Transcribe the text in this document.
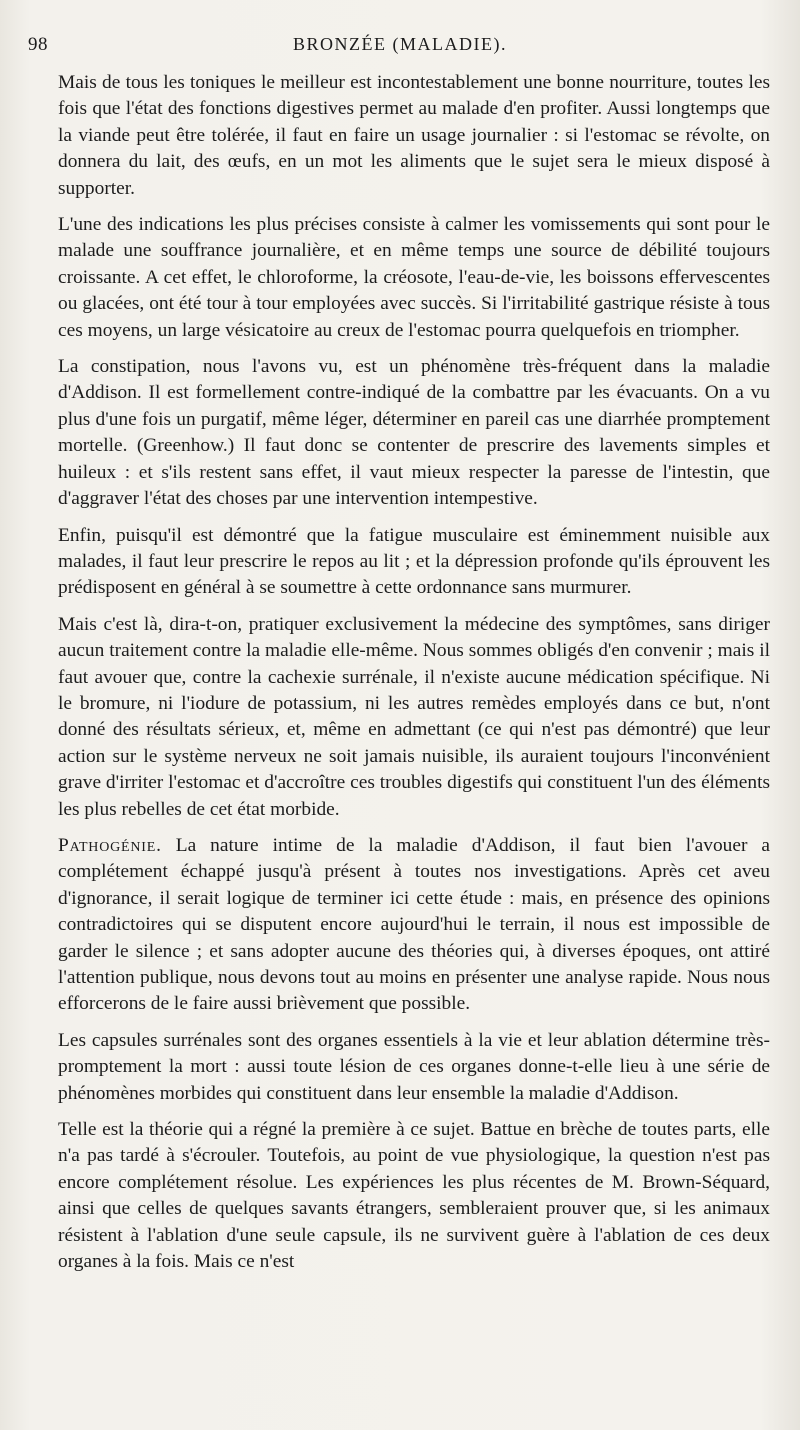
98	BRONZÉE (MALADIE).

Mais de tous les toniques le meilleur est incontestablement une bonne nourriture, toutes les fois que l'état des fonctions digestives permet au malade d'en profiter. Aussi longtemps que la viande peut être tolérée, il faut en faire un usage journalier : si l'estomac se révolte, on donnera du lait, des œufs, en un mot les aliments que le sujet sera le mieux disposé à supporter.

L'une des indications les plus précises consiste à calmer les vomissements qui sont pour le malade une souffrance journalière, et en même temps une source de débilité toujours croissante. A cet effet, le chloroforme, la créosote, l'eau-de-vie, les boissons effervescentes ou glacées, ont été tour à tour employées avec succès. Si l'irritabilité gastrique résiste à tous ces moyens, un large vésicatoire au creux de l'estomac pourra quelquefois en triompher.

La constipation, nous l'avons vu, est un phénomène très-fréquent dans la maladie d'Addison. Il est formellement contre-indiqué de la combattre par les évacuants. On a vu plus d'une fois un purgatif, même léger, déterminer en pareil cas une diarrhée promptement mortelle. (Greenhow.) Il faut donc se contenter de prescrire des lavements simples et huileux : et s'ils restent sans effet, il vaut mieux respecter la paresse de l'intestin, que d'aggraver l'état des choses par une intervention intempestive.

Enfin, puisqu'il est démontré que la fatigue musculaire est éminemment nuisible aux malades, il faut leur prescrire le repos au lit ; et la dépression profonde qu'ils éprouvent les prédisposent en général à se soumettre à cette ordonnance sans murmurer.

Mais c'est là, dira-t-on, pratiquer exclusivement la médecine des symptômes, sans diriger aucun traitement contre la maladie elle-même. Nous sommes obligés d'en convenir ; mais il faut avouer que, contre la cachexie surrénale, il n'existe aucune médication spécifique. Ni le bromure, ni l'iodure de potassium, ni les autres remèdes employés dans ce but, n'ont donné des résultats sérieux, et, même en admettant (ce qui n'est pas démontré) que leur action sur le système nerveux ne soit jamais nuisible, ils auraient toujours l'inconvénient grave d'irriter l'estomac et d'accroître ces troubles digestifs qui constituent l'un des éléments les plus rebelles de cet état morbide.

Pathogénie. La nature intime de la maladie d'Addison, il faut bien l'avouer a complétement échappé jusqu'à présent à toutes nos investigations. Après cet aveu d'ignorance, il serait logique de terminer ici cette étude : mais, en présence des opinions contradictoires qui se disputent encore aujourd'hui le terrain, il nous est impossible de garder le silence ; et sans adopter aucune des théories qui, à diverses époques, ont attiré l'attention publique, nous devons tout au moins en présenter une analyse rapide. Nous nous efforcerons de le faire aussi brièvement que possible.

Les capsules surrénales sont des organes essentiels à la vie et leur ablation détermine très-promptement la mort : aussi toute lésion de ces organes donne-t-elle lieu à une série de phénomènes morbides qui constituent dans leur ensemble la maladie d'Addison.

Telle est la théorie qui a régné la première à ce sujet. Battue en brèche de toutes parts, elle n'a pas tardé à s'écrouler. Toutefois, au point de vue physiologique, la question n'est pas encore complétement résolue. Les expériences les plus récentes de M. Brown-Séquard, ainsi que celles de quelques savants étrangers, sembleraient prouver que, si les animaux résistent à l'ablation d'une seule capsule, ils ne survivent guère à l'ablation de ces deux organes à la fois. Mais ce n'est
